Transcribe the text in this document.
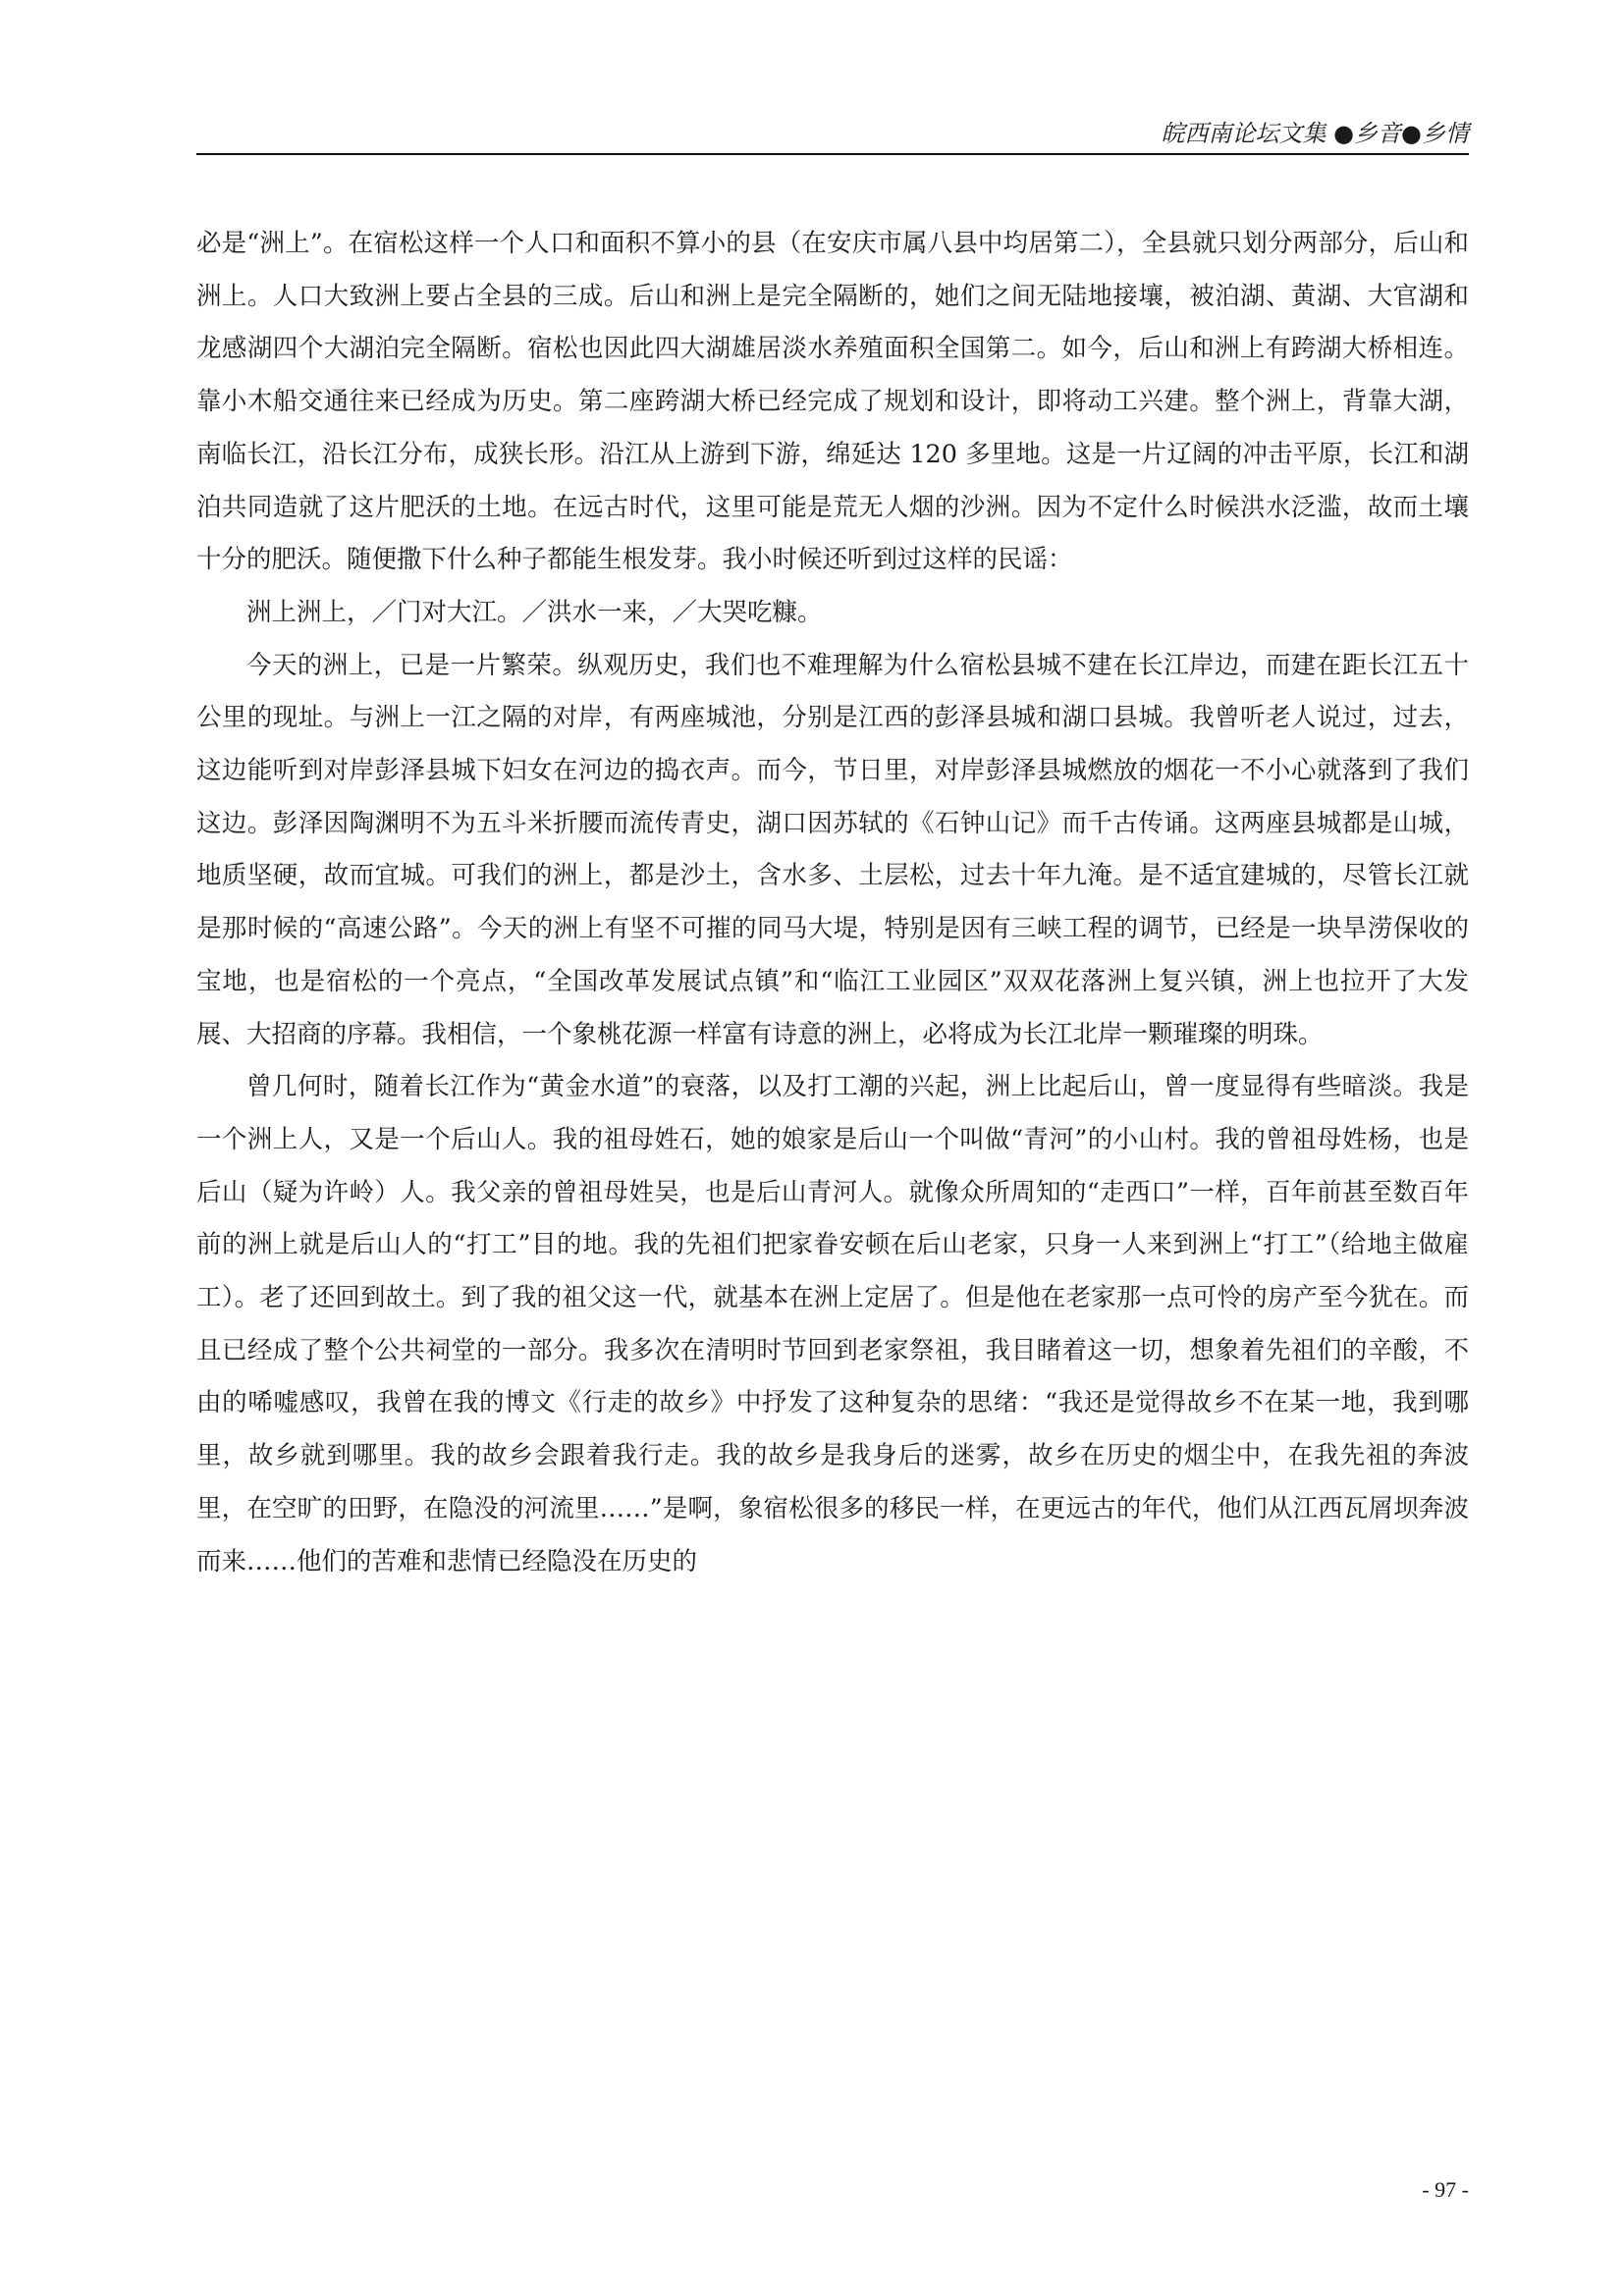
皖西南论坛文集 ●乡音●乡情

必是“洲上”。在宿松这样一个人口和面积不算小的县（在安庆市属八县中均居第二），全县就只划分两部分，后山和洲上。人口大致洲上要占全县的三成。后山和洲上是完全隔断的，她们之间无陆地接壤，被泊湖、黄湖、大官湖和龙感湖四个大湖泊完全隔断。宿松也因此四大湖雄居淡水养殖面积全国第二。如今，后山和洲上有跨湖大桥相连。靠小木船交通往来已经成为历史。第二座跨湖大桥已经完成了规划和设计，即将动工兴建。整个洲上，背靠大湖，南临长江，沿长江分布，成狭长形。沿江从上游到下游，绵延达 120 多里地。这是一片辽阔的冲击平原，长江和湖泊共同造就了这片肥沃的土地。在远古时代，这里可能是荒无人烟的沙洲。因为不定什么时候洪水泛滥，故而土壤十分的肥沃。随便撒下什么种子都能生根发芽。我小时候还听到过这样的民谣：

洲上洲上，／门对大江。／洪水一来，／大哭吃糠。

今天的洲上，已是一片繁荣。纵观历史，我们也不难理解为什么宿松县城不建在长江岸边，而建在距长江五十公里的现址。与洲上一江之隔的对岸，有两座城池，分别是江西的彭泽县城和湖口县城。我曾听老人说过，过去，这边能听到对岸彭泽县城下妇女在河边的捣衣声。而今，节日里，对岸彭泽县城燃放的烟花一不小心就落到了我们这边。彭泽因陶渊明不为五斗米折腰而流传青史，湖口因苏轼的《石钟山记》而千古传诵。这两座县城都是山城，地质坚硬，故而宜城。可我们的洲上，都是沙土，含水多、土层松，过去十年九淹。是不适宜建城的，尽管长江就是那时候的“高速公路”。今天的洲上有坚不可摧的同马大堤，特别是因有三峡工程的调节，已经是一块旱涝保收的宝地，也是宿松的一个亮点，“全国改革发展试点镇”和“临江工业园区”双双花落洲上复兴镇，洲上也拉开了大发展、大招商的序幕。我相信，一个象桃花源一样富有诗意的洲上，必将成为长江北岸一颗璀璨的明珠。

曾几何时，随着长江作为“黄金水道”的衰落，以及打工潮的兴起，洲上比起后山，曾一度显得有些暗淡。我是一个洲上人，又是一个后山人。我的祖母姓石，她的娘家是后山一个叫做“青河”的小山村。我的曾祖母姓杨，也是后山（疑为许岭）人。我父亲的曾祖母姓吴，也是后山青河人。就像众所周知的“走西口”一样，百年前甚至数百年前的洲上就是后山人的“打工”目的地。我的先祖们把家眷安顿在后山老家，只身一人来到洲上“打工”（给地主做雇工）。老了还回到故土。到了我的祖父这一代，就基本在洲上定居了。但是他在老家那一点可怜的房产至今犹在。而且已经成了整个公共祠堂的一部分。我多次在清明时节回到老家祭祖，我目睹着这一切，想象着先祖们的辛酸，不由的唏嘘感叹，我曾在我的博文《行走的故乡》中抒发了这种复杂的思绪：“我还是觉得故乡不在某一地，我到哪里，故乡就到哪里。我的故乡会跟着我行走。我的故乡是我身后的迷雾，故乡在历史的烟尘中，在我先祖的奔波里，在空旷的田野，在隐没的河流里……”是啊，象宿松很多的移民一样，在更远古的年代，他们从江西瓦屑坝奔波而来……他们的苦难和悲情已经隐没在历史的

- 97 -
